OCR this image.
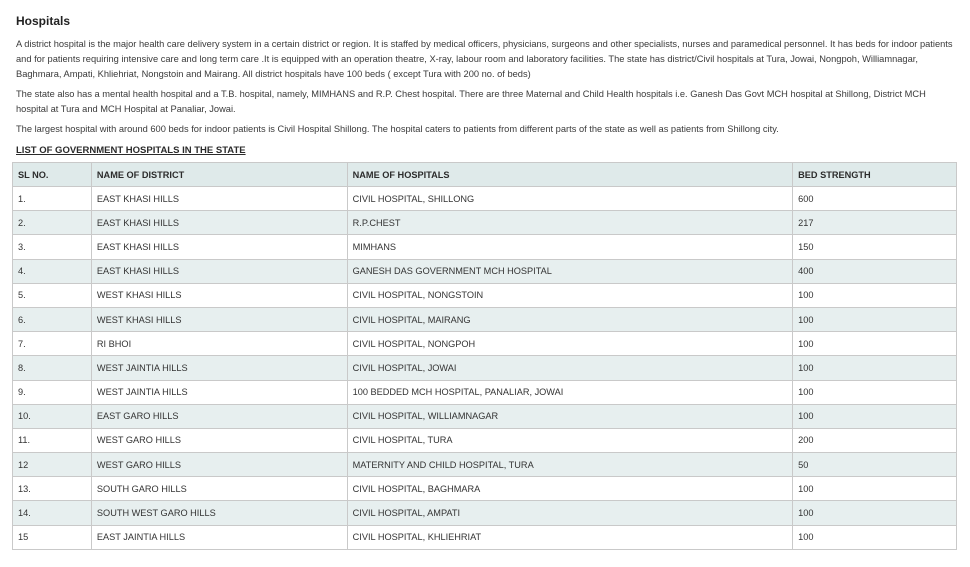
Hospitals

A district hospital is the major health care delivery system in a certain district or region. It is staffed by medical officers, physicians, surgeons and other specialists, nurses and paramedical personnel. It has beds for indoor patients and for patients requiring intensive care and long term care .It is equipped with an operation theatre, X-ray, labour room and laboratory facilities. The state has district/Civil hospitals at Tura, Jowai, Nongpoh, Williamnagar, Baghmara, Ampati, Khliehriat, Nongstoin and Mairang. All district hospitals have 100 beds ( except Tura with 200 no. of beds)

The state also has a mental health hospital and a T.B. hospital, namely, MIMHANS and R.P. Chest hospital. There are three Maternal and Child Health hospitals i.e. Ganesh Das Govt MCH hospital at Shillong, District MCH hospital at Tura and MCH Hospital at Panaliar, Jowai.

The largest hospital with around 600 beds for indoor patients is Civil Hospital Shillong. The hospital caters to patients from different parts of the state as well as patients from Shillong city.

LIST OF GOVERNMENT HOSPITALS IN THE STATE
SL NO.	NAME OF DISTRICT	NAME OF HOSPITALS	BED STRENGTH
1.	EAST KHASI HILLS	CIVIL HOSPITAL, SHILLONG	600
2.	EAST KHASI HILLS	R.P.CHEST	217
3.	EAST KHASI HILLS	MIMHANS	150
4.	EAST KHASI HILLS	GANESH DAS GOVERNMENT MCH HOSPITAL	400
5.	WEST KHASI HILLS	CIVIL HOSPITAL, NONGSTOIN	100
6.	WEST KHASI HILLS	CIVIL HOSPITAL, MAIRANG	100
7.	RI BHOI	CIVIL HOSPITAL, NONGPOH	100
8.	WEST JAINTIA HILLS	CIVIL HOSPITAL, JOWAI	100
9.	WEST JAINTIA HILLS	100 BEDDED MCH HOSPITAL, PANALIAR, JOWAI	100
10.	EAST GARO HILLS	CIVIL HOSPITAL, WILLIAMNAGAR	100
11.	WEST GARO HILLS	CIVIL HOSPITAL, TURA	200
12	WEST GARO HILLS	MATERNITY AND CHILD HOSPITAL, TURA	50
13.	SOUTH GARO HILLS	CIVIL HOSPITAL, BAGHMARA	100
14.	SOUTH WEST GARO HILLS	CIVIL HOSPITAL, AMPATI	100
15	EAST JAINTIA HILLS	CIVIL HOSPITAL, KHLIEHRIAT	100
